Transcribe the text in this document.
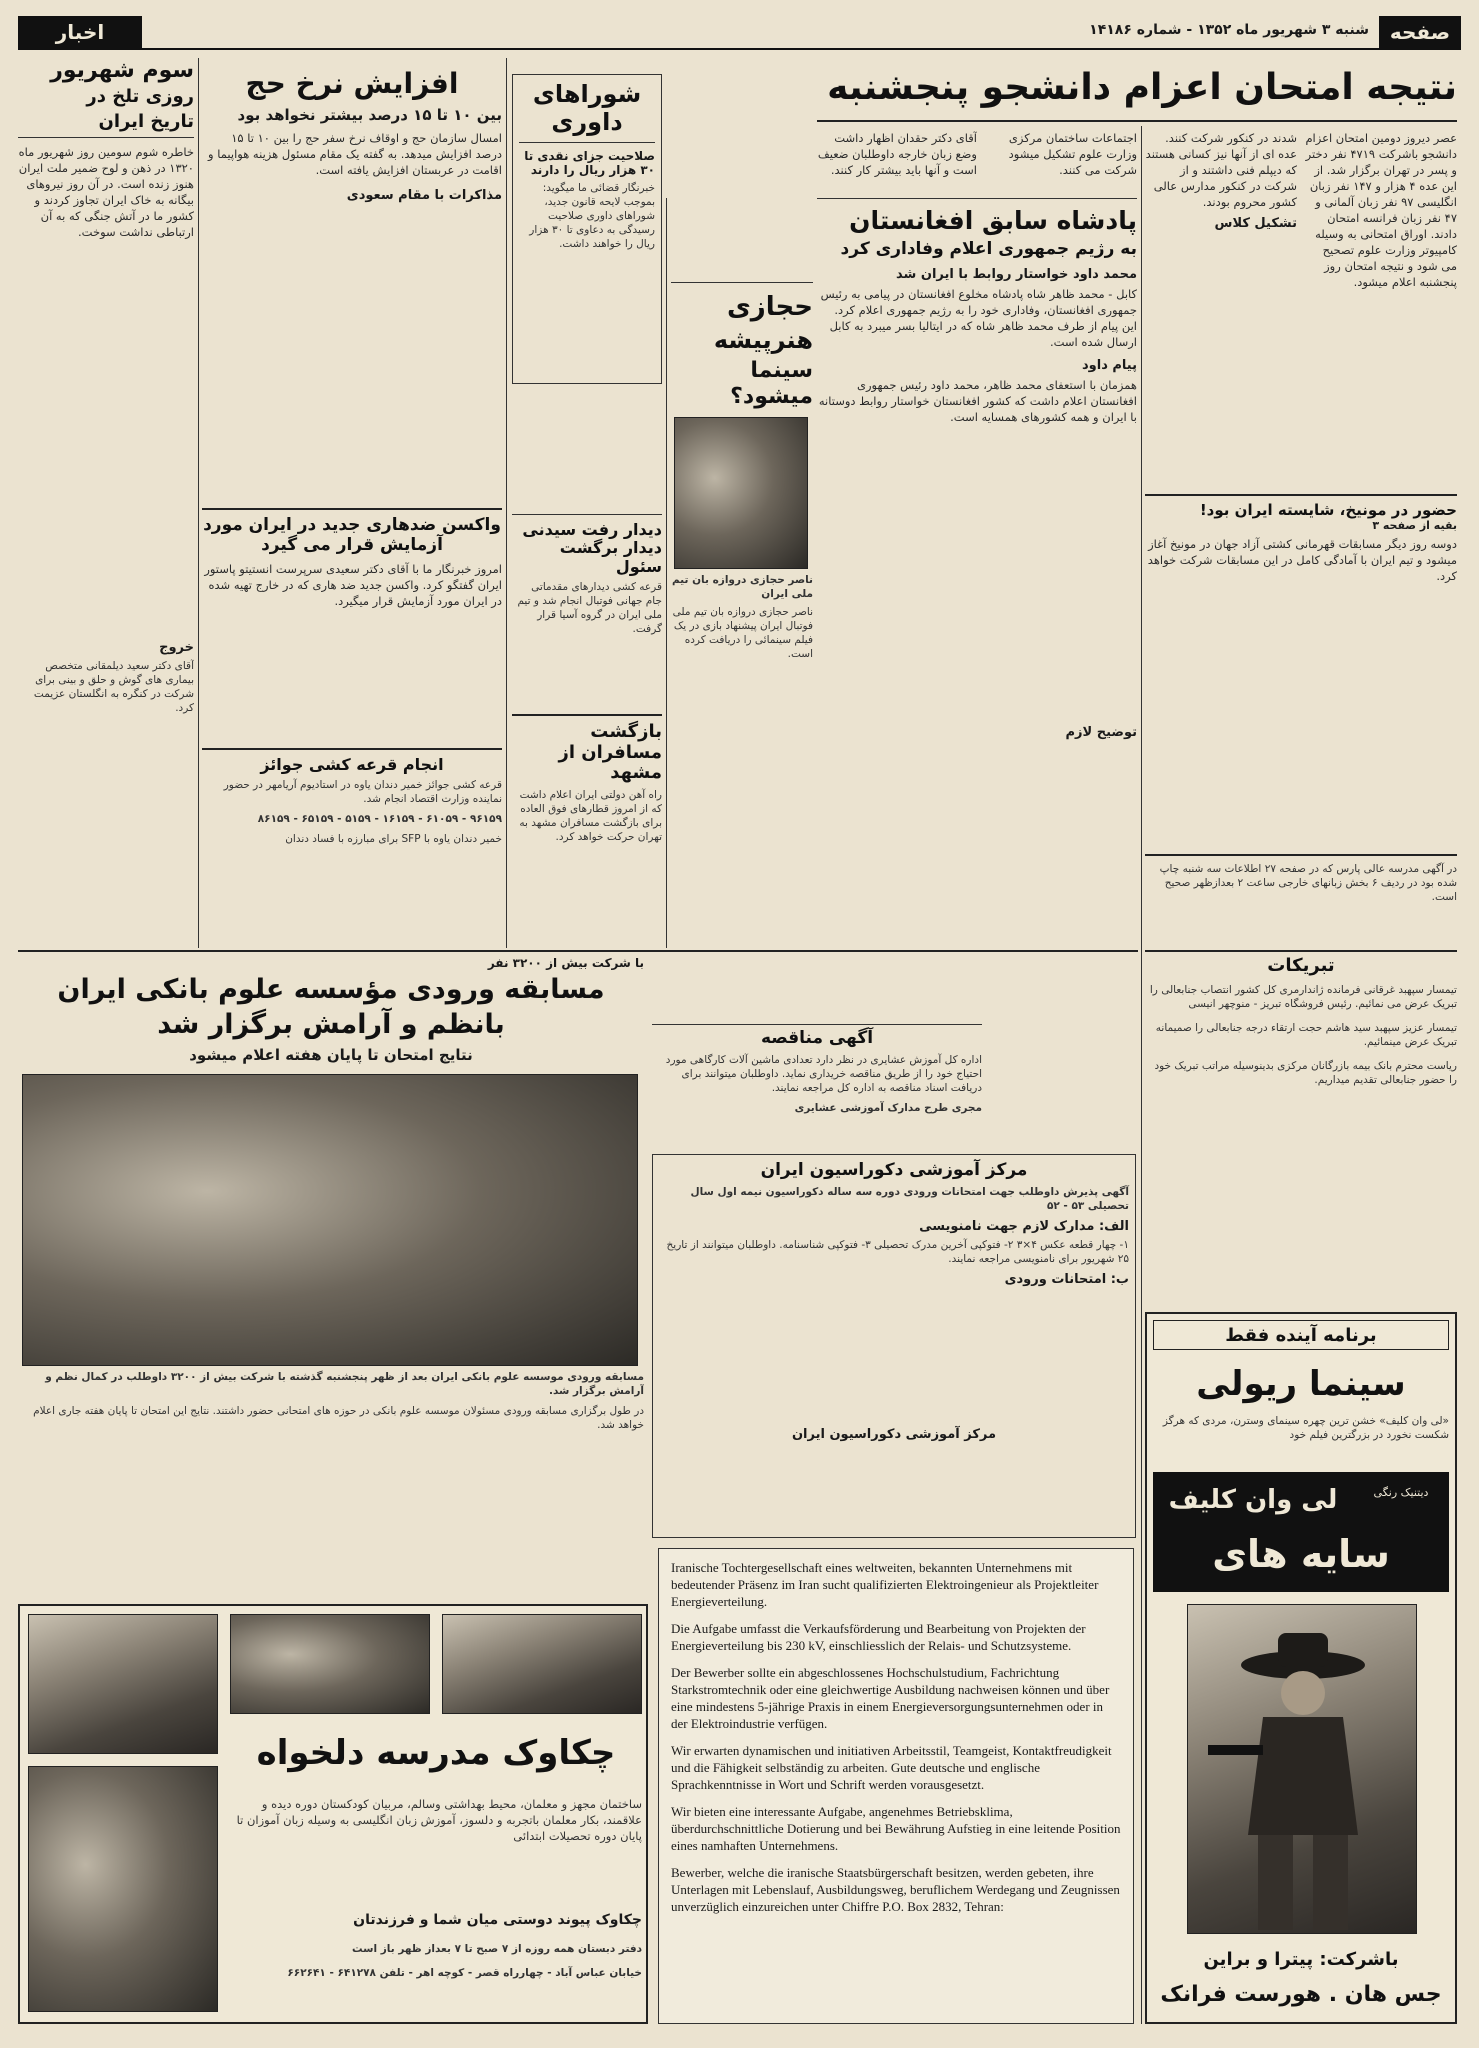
صفحه
شنبه ۳ شهریور ماه ۱۳۵۲ - شماره ۱۴۱۸۶
اخبار
نتیجه امتحان اعزام دانشجو پنجشنبه
عصر دیروز دومین امتحان اعزام دانشجو باشرکت ۴۷۱۹ نفر دختر و پسر در تهران برگزار شد. از این عده ۴ هزار و ۱۴۷ نفر زبان انگلیسی ۹۷ نفر زبان آلمانی و ۴۷ نفر زبان فرانسه امتحان دادند. اوراق امتحانی به وسیله کامپیوتر وزارت علوم تصحیح می شود و نتیجه امتحان روز پنجشنبه اعلام میشود.
شدند در کنکور شرکت کنند. عده ای از آنها نیز کسانی هستند که دیپلم فنی داشتند و از شرکت در کنکور مدارس عالی کشور محروم بودند.
تشکیل کلاس
اجتماعات ساختمان مرکزی وزارت علوم تشکیل میشود شرکت می کنند.
آقای دکتر حقدان اظهار داشت وضع زبان خارجه داوطلبان ضعیف است و آنها باید بیشتر کار کنند.
پادشاه سابق افغانستان
به رژیم جمهوری اعلام وفاداری کرد
محمد داود خواستار روابط با ایران شد
کابل - محمد ظاهر شاه پادشاه مخلوع افغانستان در پیامی به رئیس جمهوری افغانستان، وفاداری خود را به رژیم جمهوری اعلام کرد. این پیام از طرف محمد ظاهر شاه که در ایتالیا بسر میبرد به کابل ارسال شده است.
پیام داود
همزمان با استعفای محمد ظاهر، محمد داود رئیس جمهوری افغانستان اعلام داشت که کشور افغانستان خواستار روابط دوستانه با ایران و همه کشورهای همسایه است.
توضیح لازم
حضور در مونیخ، شایسته ایران بود!
بقیه از صفحه ۳
دوسه روز دیگر مسابقات قهرمانی کشتی آزاد جهان در مونیخ آغاز میشود و تیم ایران با آمادگی کامل در این مسابقات شرکت خواهد کرد.
در آگهی مدرسه عالی پارس که در صفحه ۲۷ اطلاعات سه شنبه چاپ شده بود در ردیف ۶ بخش زبانهای خارجی ساعت ۲ بعدازظهر صحیح است.
تبریکات
تیمسار سپهبد غرقانی فرمانده ژاندارمری کل کشور انتصاب جنابعالی را تبریک عرض می نمائیم. رئیس فروشگاه تبریز - منوچهر انیسی
تیمسار عزیز سپهبد سید هاشم حجت ارتقاء درجه جنابعالی را صمیمانه تبریک عرض مینمائیم.
ریاست محترم بانک بیمه بازرگانان مرکزی بدینوسیله مراتب تبریک خود را حضور جنابعالی تقدیم میداریم.
برنامه آینده فقط
سینما ریولی
«لی وان کلیف» خشن ترین چهره سینمای وسترن، مردی که هرگز شکست نخورد در بزرگترین فیلم خود
لی وان کلیف	دیتنیک رنگی
سایه های
باشرکت: پیترا و براین
جس هان . هورست فرانک
حجازی
هنرپیشه
سینما میشود؟
ناصر حجازی دروازه بان تیم ملی ایران
ناصر حجازی دروازه بان تیم ملی فوتبال ایران پیشنهاد بازی در یک فیلم سینمائی را دریافت کرده است.
شوراهای داوری
صلاحیت جزای نقدی تا ۳۰ هزار ریال را دارند
خبرنگار قضائی ما میگوید: بموجب لایحه قانون جدید، شوراهای داوری صلاحیت رسیدگی به دعاوی تا ۳۰ هزار ریال را خواهند داشت.
دیدار رفت سیدنی دیدار برگشت سئول
قرعه کشی دیدارهای مقدماتی جام جهانی فوتبال انجام شد و تیم ملی ایران در گروه آسیا قرار گرفت.
بازگشت مسافران از مشهد
راه آهن دولتی ایران اعلام داشت که از امروز قطارهای فوق العاده برای بازگشت مسافران مشهد به تهران حرکت خواهد کرد.
افزایش نرخ حج
بین ۱۰ تا ۱۵ درصد بیشتر نخواهد بود
امسال سازمان حج و اوقاف نرخ سفر حج را بین ۱۰ تا ۱۵ درصد افزایش میدهد. به گفته یک مقام مسئول هزینه هواپیما و اقامت در عربستان افزایش یافته است.
مذاکرات با مقام سعودی
واکسن ضدهاری جدید در ایران مورد آزمایش قرار می گیرد
امروز خبرنگار ما با آقای دکتر سعیدی سرپرست انستیتو پاستور ایران گفتگو کرد. واکسن جدید ضد هاری که در خارج تهیه شده در ایران مورد آزمایش قرار میگیرد.
انجام قرعه کشی جوائز
قرعه کشی جوائز خمیر دندان یاوه در استادیوم آریامهر در حضور نماینده وزارت اقتصاد انجام شد.
۹۶۱۵۹ - ۶۱۰۵۹ - ۱۶۱۵۹ - ۵۱۵۹ - ۶۵۱۵۹ - ۸۶۱۵۹
خمیر دندان یاوه با SFP برای مبارزه با فساد دندان
سوم شهریور
روزی تلخ در
تاریخ ایران
خاطره شوم سومین روز شهریور ماه ۱۳۲۰ در ذهن و لوح ضمیر ملت ایران هنوز زنده است. در آن روز نیروهای بیگانه به خاک ایران تجاوز کردند و کشور ما در آتش جنگی که به آن ارتباطی نداشت سوخت.
خروج
آقای دکتر سعید دیلمقانی متخصص بیماری های گوش و حلق و بینی برای شرکت در کنگره به انگلستان عزیمت کرد.
با شرکت بیش از ۳۲۰۰ نفر
مسابقه ورودی مؤسسه علوم بانکی ایران
بانظم و آرامش برگزار شد
نتایج امتحان تا پایان هفته اعلام میشود
مسابقه ورودی موسسه علوم بانکی ایران بعد از ظهر پنجشنبه گذشته با شرکت بیش از ۳۲۰۰ داوطلب در کمال نظم و آرامش برگزار شد.
در طول برگزاری مسابقه ورودی مسئولان موسسه علوم بانکی در حوزه های امتحانی حضور داشتند. نتایج این امتحان تا پایان هفته جاری اعلام خواهد شد.
آگهی مناقصه
اداره کل آموزش عشایری در نظر دارد تعدادی ماشین آلات کارگاهی مورد احتیاج خود را از طریق مناقصه خریداری نماید. داوطلبان میتوانند برای دریافت اسناد مناقصه به اداره کل مراجعه نمایند.
مجری طرح مدارک آموزشی عشایری
مرکز آموزشی دکوراسیون ایران
آگهی پذیرش داوطلب جهت امتحانات ورودی دوره سه ساله دکوراسیون نیمه اول سال تحصیلی ۵۳ - ۵۲
الف: مدارک لازم جهت نامنویسی
۱- چهار قطعه عکس ۴×۳ ۲- فتوکپی آخرین مدرک تحصیلی ۳- فتوکپی شناسنامه. داوطلبان میتوانند از تاریخ ۲۵ شهریور برای نامنویسی مراجعه نمایند.
ب: امتحانات ورودی
مرکز آموزشی دکوراسیون ایران

Iranische Tochtergesellschaft eines weltweiten, bekannten Unternehmens mit bedeutender Präsenz im Iran sucht qualifizierten Elektroingenieur als Projektleiter Energieverteilung.

Die Aufgabe umfasst die Verkaufsförderung und Bearbeitung von Projekten der Energieverteilung bis 230 kV, einschliesslich der Relais- und Schutzsysteme.

Der Bewerber sollte ein abgeschlossenes Hochschulstudium, Fachrichtung Starkstromtechnik oder eine gleichwertige Ausbildung nachweisen können und über eine mindestens 5-jährige Praxis in einem Energieversorgungsunternehmen oder in der Elektroindustrie verfügen.

Wir erwarten dynamischen und initiativen Arbeitsstil, Teamgeist, Kontaktfreudigkeit und die Fähigkeit selbständig zu arbeiten. Gute deutsche und englische Sprachkenntnisse in Wort und Schrift werden vorausgesetzt.

Wir bieten eine interessante Aufgabe, angenehmes Betriebsklima, überdurchschnittliche Dotierung und bei Bewährung Aufstieg in eine leitende Position eines namhaften Unternehmens.

Bewerber, welche die iranische Staatsbürgerschaft besitzen, werden gebeten, ihre Unterlagen mit Lebenslauf, Ausbildungsweg, beruflichem Werdegang und Zeugnissen unverzüglich einzureichen unter Chiffre P.O. Box 2832, Tehran:

چکاوک مدرسه دلخواه
ساختمان مجهز و معلمان، محیط بهداشتی وسالم، مربیان کودکستان دوره دیده و علاقمند، بکار معلمان باتجربه و دلسوز، آموزش زبان انگلیسی به وسیله زبان آموزان تا پایان دوره تحصیلات ابتدائی
چکاوک پیوند دوستی میان شما و فرزندتان
دفتر دبستان همه روزه از ۷ صبح تا ۷ بعداز ظهر باز است
خیابان عباس آباد - چهارراه قصر - کوچه اهر - تلفن ۶۴۱۲۷۸ - ۶۶۲۶۴۱
